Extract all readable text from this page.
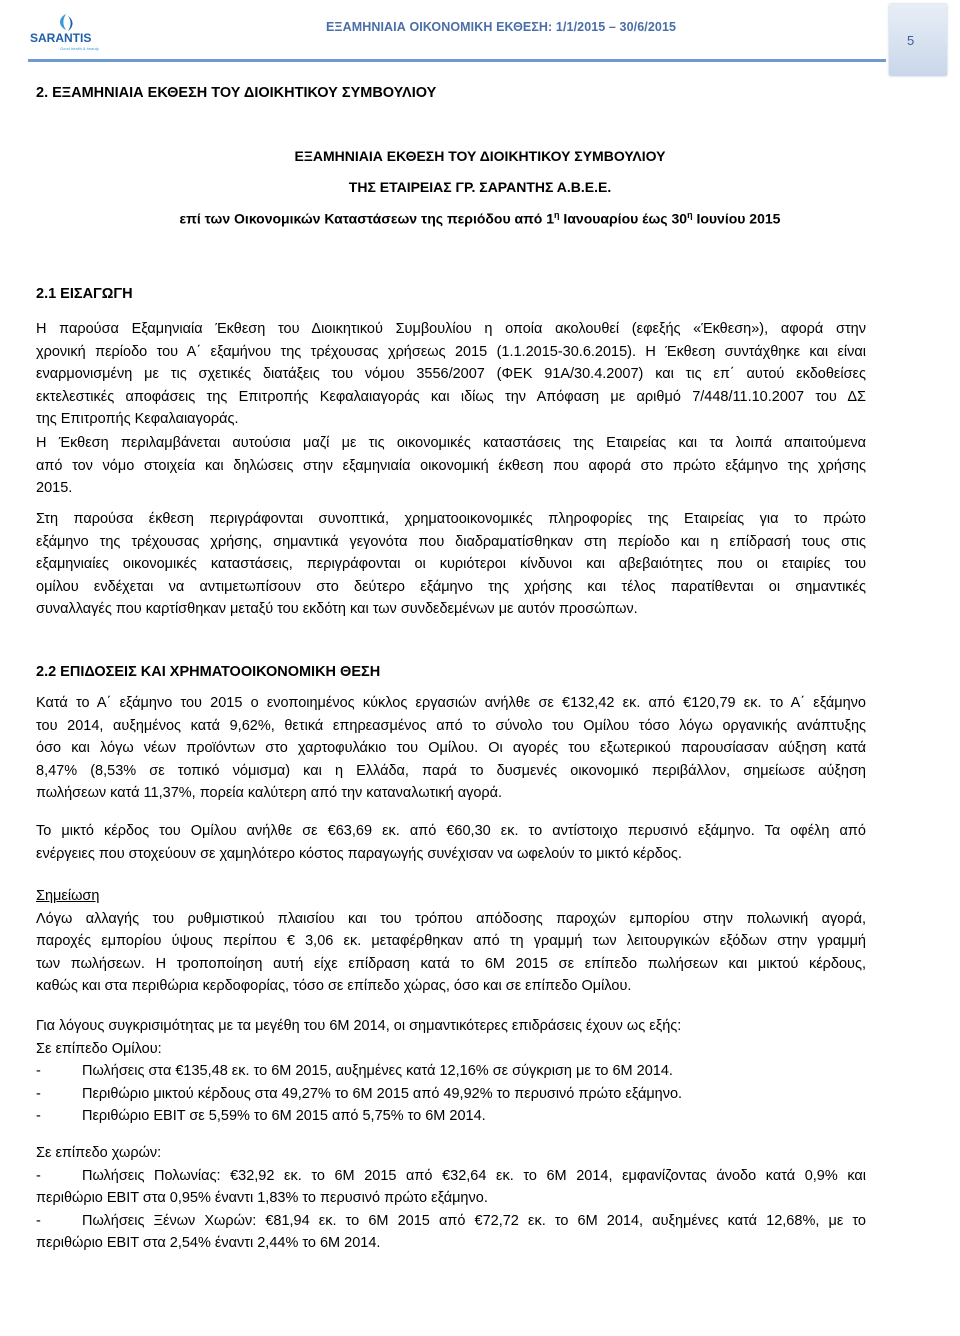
SARANTIS
Good health & beauty
ΕΞΑΜΗΝΙΑΙΑ ΟΙΚΟΝΟΜΙΚΗ ΕΚΘΕΣΗ: 1/1/2015 – 30/6/2015
5
2. ΕΞΑΜΗΝΙΑΙΑ ΕΚΘΕΣΗ ΤΟΥ ΔΙΟΙΚΗΤΙΚΟΥ ΣΥΜΒΟΥΛΙΟΥ
ΕΞΑΜΗΝΙΑΙΑ ΕΚΘΕΣΗ ΤΟΥ ΔΙΟΙΚΗΤΙΚΟΥ ΣΥΜΒΟΥΛΙΟΥ
ΤΗΣ ΕΤΑΙΡΕΙΑΣ ΓΡ. ΣΑΡΑΝΤΗΣ Α.Β.Ε.Ε.
επί των Οικονομικών Καταστάσεων της περιόδου από $1^\eta$ Ιανουαρίου έως $30^\eta$ Ιουνίου 2015
2.1 ΕΙΣΑΓΩΓΗ
Η παρούσα Εξαμηνιαία Έκθεση του Διοικητικού Συμβουλίου η οποία ακολουθεί (εφεξής «Έκθεση»), αφορά στην
χρονική περίοδο του Α΄ εξαμήνου της τρέχουσας χρήσεως 2015 (1.1.2015-30.6.2015). Η Έκθεση συντάχθηκε και είναι
εναρμονισμένη με τις σχετικές διατάξεις του νόμου 3556/2007 (ΦΕΚ 91Α/30.4.2007) και τις επ΄ αυτού εκδοθείσες
εκτελεστικές αποφάσεις της Επιτροπής Κεφαλαιαγοράς και ιδίως την Απόφαση με αριθμό 7/448/11.10.2007 του ΔΣ
της Επιτροπής Κεφαλαιαγοράς.
Η Έκθεση περιλαμβάνεται αυτούσια μαζί με τις οικονομικές καταστάσεις της Εταιρείας και τα λοιπά απαιτούμενα
από τον νόμο στοιχεία και δηλώσεις στην εξαμηνιαία οικονομική έκθεση που αφορά στο πρώτο εξάμηνο της χρήσης
2015.
Στη παρούσα έκθεση περιγράφονται συνοπτικά, χρηματοοικονομικές πληροφορίες της Εταιρείας για το πρώτο
εξάμηνο της τρέχουσας χρήσης, σημαντικά γεγονότα που διαδραματίσθηκαν στη περίοδο και η επίδρασή τους στις
εξαμηνιαίες οικονομικές καταστάσεις, περιγράφονται οι κυριότεροι κίνδυνοι και αβεβαιότητες που οι εταιρίες του
ομίλου ενδέχεται να αντιμετωπίσουν στο δεύτερο εξάμηνο της χρήσης και τέλος παρατίθενται οι σημαντικές
συναλλαγές που καρτίσθηκαν μεταξύ του εκδότη και των συνδεδεμένων με αυτόν προσώπων.
2.2 ΕΠΙΔΟΣΕΙΣ ΚΑΙ ΧΡΗΜΑΤΟΟΙΚΟΝΟΜΙΚΗ ΘΕΣΗ
Κατά το Α΄ εξάμηνο του 2015 ο ενοποιημένος κύκλος εργασιών ανήλθε σε €132,42 εκ. από €120,79 εκ. το Α΄ εξάμηνο
του 2014, αυξημένος κατά 9,62%, θετικά επηρεασμένος από το σύνολο του Ομίλου τόσο λόγω οργανικής ανάπτυξης
όσο και λόγω νέων προϊόντων στο χαρτοφυλάκιο του Ομίλου. Οι αγορές του εξωτερικού παρουσίασαν αύξηση κατά
8,47% (8,53% σε τοπικό νόμισμα) και η Ελλάδα, παρά το δυσμενές οικονομικό περιβάλλον, σημείωσε αύξηση
πωλήσεων κατά 11,37%, πορεία καλύτερη από την καταναλωτική αγορά.
Το μικτό κέρδος του Ομίλου ανήλθε σε €63,69 εκ. από €60,30 εκ. το αντίστοιχο περυσινό εξάμηνο. Τα οφέλη από
ενέργειες που στοχεύουν σε χαμηλότερο κόστος παραγωγής συνέχισαν να ωφελούν το μικτό κέρδος.
Σημείωση
Λόγω αλλαγής του ρυθμιστικού πλαισίου και του τρόπου απόδοσης παροχών εμπορίου στην πολωνική αγορά,
παροχές εμπορίου ύψους περίπου € 3,06 εκ. μεταφέρθηκαν από τη γραμμή των λειτουργικών εξόδων στην γραμμή
των πωλήσεων. Η τροποποίηση αυτή είχε επίδραση κατά το 6Μ 2015 σε επίπεδο πωλήσεων και μικτού κέρδους,
καθώς και στα περιθώρια κερδοφορίας, τόσο σε επίπεδο χώρας, όσο και σε επίπεδο Ομίλου.
Για λόγους συγκρισιμότητας με τα μεγέθη του 6Μ 2014, οι σημαντικότερες επιδράσεις έχουν ως εξής:
Σε επίπεδο Ομίλου:
-	Πωλήσεις στα €135,48 εκ. το 6Μ 2015, αυξημένες κατά 12,16% σε σύγκριση με το 6Μ 2014.
-	Περιθώριο μικτού κέρδους στα 49,27% το 6Μ 2015 από 49,92% το περυσινό πρώτο εξάμηνο.
-	Περιθώριο EBIT σε 5,59% το 6Μ 2015 από 5,75% το 6Μ 2014.
Σε επίπεδο χωρών:
-	Πωλήσεις Πολωνίας: €32,92 εκ. το 6Μ 2015 από €32,64 εκ. το 6Μ 2014, εμφανίζοντας άνοδο κατά 0,9% και
περιθώριο EBIT στα 0,95% έναντι 1,83% το περυσινό πρώτο εξάμηνο.
-	Πωλήσεις Ξένων Χωρών: €81,94 εκ. το 6Μ 2015 από €72,72 εκ. το 6Μ 2014, αυξημένες κατά 12,68%, με το
περιθώριο EBIT στα 2,54% έναντι 2,44% το 6Μ 2014.
